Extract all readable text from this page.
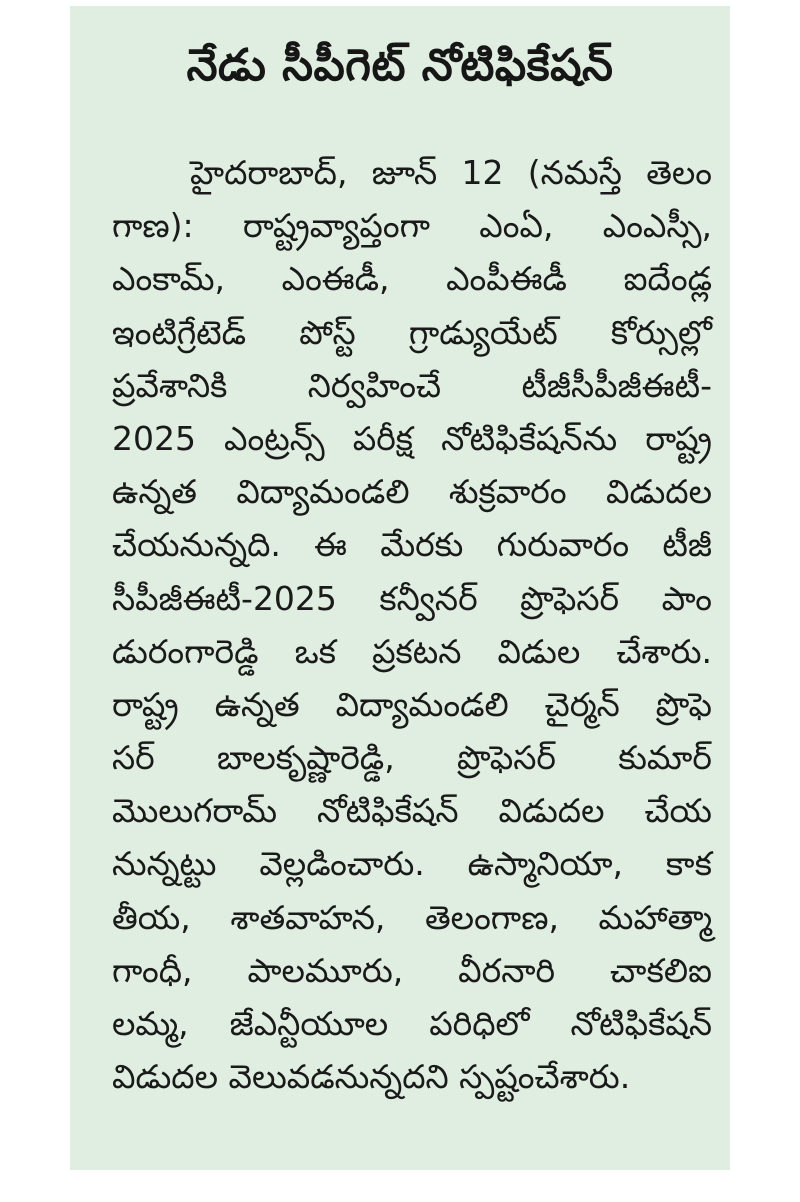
నేడు సీపీగెట్ నోటిఫికేషన్
హైదరాబాద్, జూన్ 12 (నమస్తే తెలం
గాణ): రాష్ట్రవ్యాప్తంగా ఎంఏ, ఎంఎస్సీ,
ఎంకామ్, ఎంఈడీ, ఎంపీఈడీ ఐదేండ్ల
ఇంటిగ్రేటెడ్ పోస్ట్ గ్రాడ్యుయేట్ కోర్సుల్లో
ప్రవేశానికి నిర్వహించే టీజీసీపీజీఈటీ-
2025 ఎంట్రన్స్ పరీక్ష నోటిఫికేషన్‌ను రాష్ట్ర
ఉన్నత విద్యామండలి శుక్రవారం విడుదల
చేయనున్నది. ఈ మేరకు గురువారం టీజీ
సీపీజీఈటీ-2025 కన్వీనర్ ప్రొఫెసర్ పాం
డురంగారెడ్డి ఒక ప్రకటన విడుల చేశారు.
రాష్ట్ర ఉన్నత విద్యామండలి చైర్మన్ ప్రొఫె
సర్ బాలకృష్ణారెడ్డి, ప్రొఫెసర్ కుమార్
మొలుగరామ్ నోటిఫికేషన్ విడుదల చేయ
నున్నట్టు వెల్లడించారు. ఉస్మానియా, కాక
తీయ, శాతవాహన, తెలంగాణ, మహాత్మా
గాంధీ, పాలమూరు, వీరనారి చాకలిఐ
లమ్మ, జేఎన్టీయూల పరిధిలో నోటిఫికేషన్
విడుదల వెలువడనున్నదని స్పష్టంచేశారు.
